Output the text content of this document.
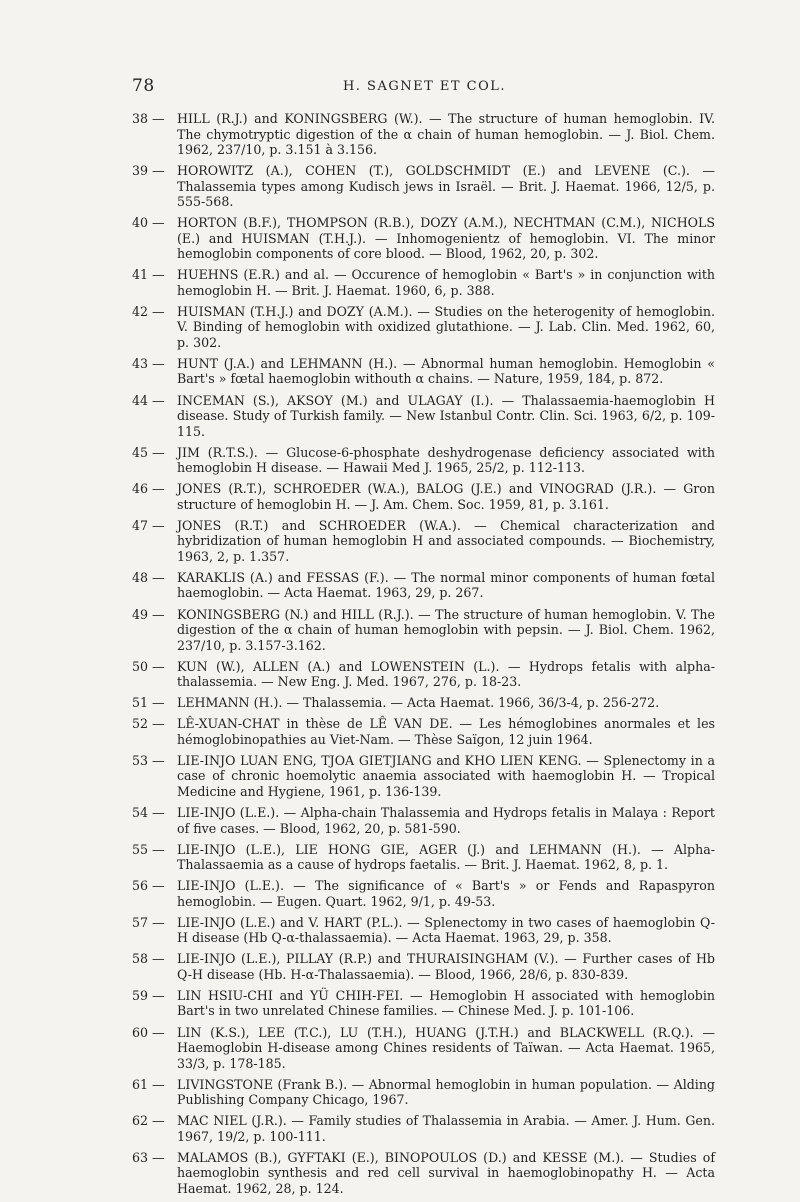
78	H. SAGNET ET COL.
38 — HILL (R.J.) and KONINGSBERG (W.). — The structure of human hemoglobin. IV. The chymotryptic digestion of the α chain of human hemoglobin. — J. Biol. Chem. 1962, 237/10, p. 3.151 à 3.156.
39 — HOROWITZ (A.), COHEN (T.), GOLDSCHMIDT (E.) and LEVENE (C.). — Thalassemia types among Kudisch jews in Israël. — Brit. J. Haemat. 1966, 12/5, p. 555-568.
40 — HORTON (B.F.), THOMPSON (R.B.), DOZY (A.M.), NECHTMAN (C.M.), NICHOLS (E.) and HUISMAN (T.H.J.). — Inhomogenientz of hemoglobin. VI. The minor hemoglobin components of core blood. — Blood, 1962, 20, p. 302.
41 — HUEHNS (E.R.) and al. — Occurence of hemoglobin « Bart's » in conjunction with hemoglobin H. — Brit. J. Haemat. 1960, 6, p. 388.
42 — HUISMAN (T.H.J.) and DOZY (A.M.). — Studies on the heterogenity of hemoglobin. V. Binding of hemoglobin with oxidized glutathione. — J. Lab. Clin. Med. 1962, 60, p. 302.
43 — HUNT (J.A.) and LEHMANN (H.). — Abnormal human hemoglobin. Hemoglobin « Bart's » fœtal haemoglobin withouth α chains. — Nature, 1959, 184, p. 872.
44 — INCEMAN (S.), AKSOY (M.) and ULAGAY (I.). — Thalassaemia-haemoglobin H disease. Study of Turkish family. — New Istanbul Contr. Clin. Sci. 1963, 6/2, p. 109-115.
45 — JIM (R.T.S.). — Glucose-6-phosphate deshydrogenase deficiency associated with hemoglobin H disease. — Hawaii Med J. 1965, 25/2, p. 112-113.
46 — JONES (R.T.), SCHROEDER (W.A.), BALOG (J.E.) and VINOGRAD (J.R.). — Gron structure of hemoglobin H. — J. Am. Chem. Soc. 1959, 81, p. 3.161.
47 — JONES (R.T.) and SCHROEDER (W.A.). — Chemical characterization and hybridization of human hemoglobin H and associated compounds. — Biochemistry, 1963, 2, p. 1.357.
48 — KARAKLIS (A.) and FESSAS (F.). — The normal minor components of human fœtal haemoglobin. — Acta Haemat. 1963, 29, p. 267.
49 — KONINGSBERG (N.) and HILL (R.J.). — The structure of human hemoglobin. V. The digestion of the α chain of human hemoglobin with pepsin. — J. Biol. Chem. 1962, 237/10, p. 3.157-3.162.
50 — KUN (W.), ALLEN (A.) and LOWENSTEIN (L.). — Hydrops fetalis with alpha-thalassemia. — New Eng. J. Med. 1967, 276, p. 18-23.
51 — LEHMANN (H.). — Thalassemia. — Acta Haemat. 1966, 36/3-4, p. 256-272.
52 — LÊ-XUAN-CHAT in thèse de LÊ VAN DE. — Les hémoglobines anormales et les hémoglobinopathies au Viet-Nam. — Thèse Saïgon, 12 juin 1964.
53 — LIE-INJO LUAN ENG, TJOA GIETJIANG and KHO LIEN KENG. — Splenectomy in a case of chronic hoemolytic anaemia associated with haemoglobin H. — Tropical Medicine and Hygiene, 1961, p. 136-139.
54 — LIE-INJO (L.E.). — Alpha-chain Thalassemia and Hydrops fetalis in Malaya : Report of five cases. — Blood, 1962, 20, p. 581-590.
55 — LIE-INJO (L.E.), LIE HONG GIE, AGER (J.) and LEHMANN (H.). — Alpha-Thalassaemia as a cause of hydrops faetalis. — Brit. J. Haemat. 1962, 8, p. 1.
56 — LIE-INJO (L.E.). — The significance of « Bart's » or Fends and Rapaspyron hemoglobin. — Eugen. Quart. 1962, 9/1, p. 49-53.
57 — LIE-INJO (L.E.) and V. HART (P.L.). — Splenectomy in two cases of haemoglobin Q-H disease (Hb Q-α-thalassaemia). — Acta Haemat. 1963, 29, p. 358.
58 — LIE-INJO (L.E.), PILLAY (R.P.) and THURAISINGHAM (V.). — Further cases of Hb Q-H disease (Hb. H-α-Thalassaemia). — Blood, 1966, 28/6, p. 830-839.
59 — LIN HSIU-CHI and YÜ CHIH-FEI. — Hemoglobin H associated with hemoglobin Bart's in two unrelated Chinese families. — Chinese Med. J. p. 101-106.
60 — LIN (K.S.), LEE (T.C.), LU (T.H.), HUANG (J.T.H.) and BLACKWELL (R.Q.). — Haemoglobin H-disease among Chines residents of Taïwan. — Acta Haemat. 1965, 33/3, p. 178-185.
61 — LIVINGSTONE (Frank B.). — Abnormal hemoglobin in human population. — Alding Publishing Company Chicago, 1967.
62 — MAC NIEL (J.R.). — Family studies of Thalassemia in Arabia. — Amer. J. Hum. Gen. 1967, 19/2, p. 100-111.
63 — MALAMOS (B.), GYFTAKI (E.), BINOPOULOS (D.) and KESSE (M.). — Studies of haemoglobin synthesis and red cell survival in haemoglobinopathy H. — Acta Haemat. 1962, 28, p. 124.
